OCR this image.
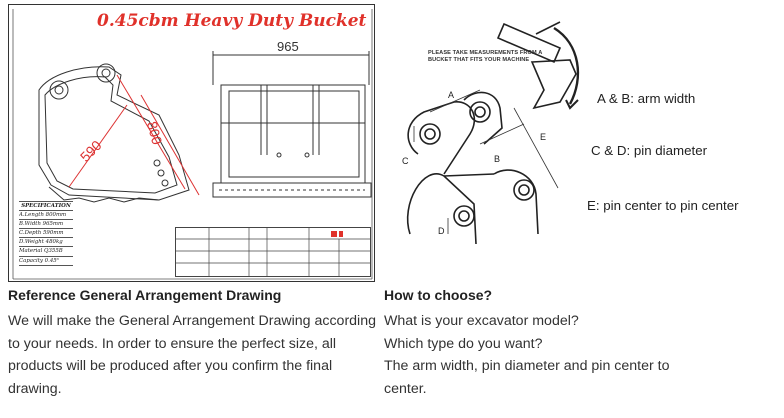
0.45cbm Heavy Duty Bucket
965
590
800
SPECIFICATION
A.Length 800mm
B.Width 965mm
C.Depth 590mm
D.Weight 480kg
Material Q355B
Capacity 0.45³
Reference General Arrangement Drawing
We will make the General Arrangement Drawing according to your needs. In order to ensure the perfect size, all products will be produced after you confirm the final drawing.
PLEASE TAKE MEASUREMENTS FROM A BUCKET THAT FITS YOUR MACHINE
A
B
C
D
E
A & B: arm width
C & D: pin diameter
E: pin center to pin center
How to choose?
What is your excavator model?
Which type do you want?
The arm width, pin diameter and pin center to
center.
